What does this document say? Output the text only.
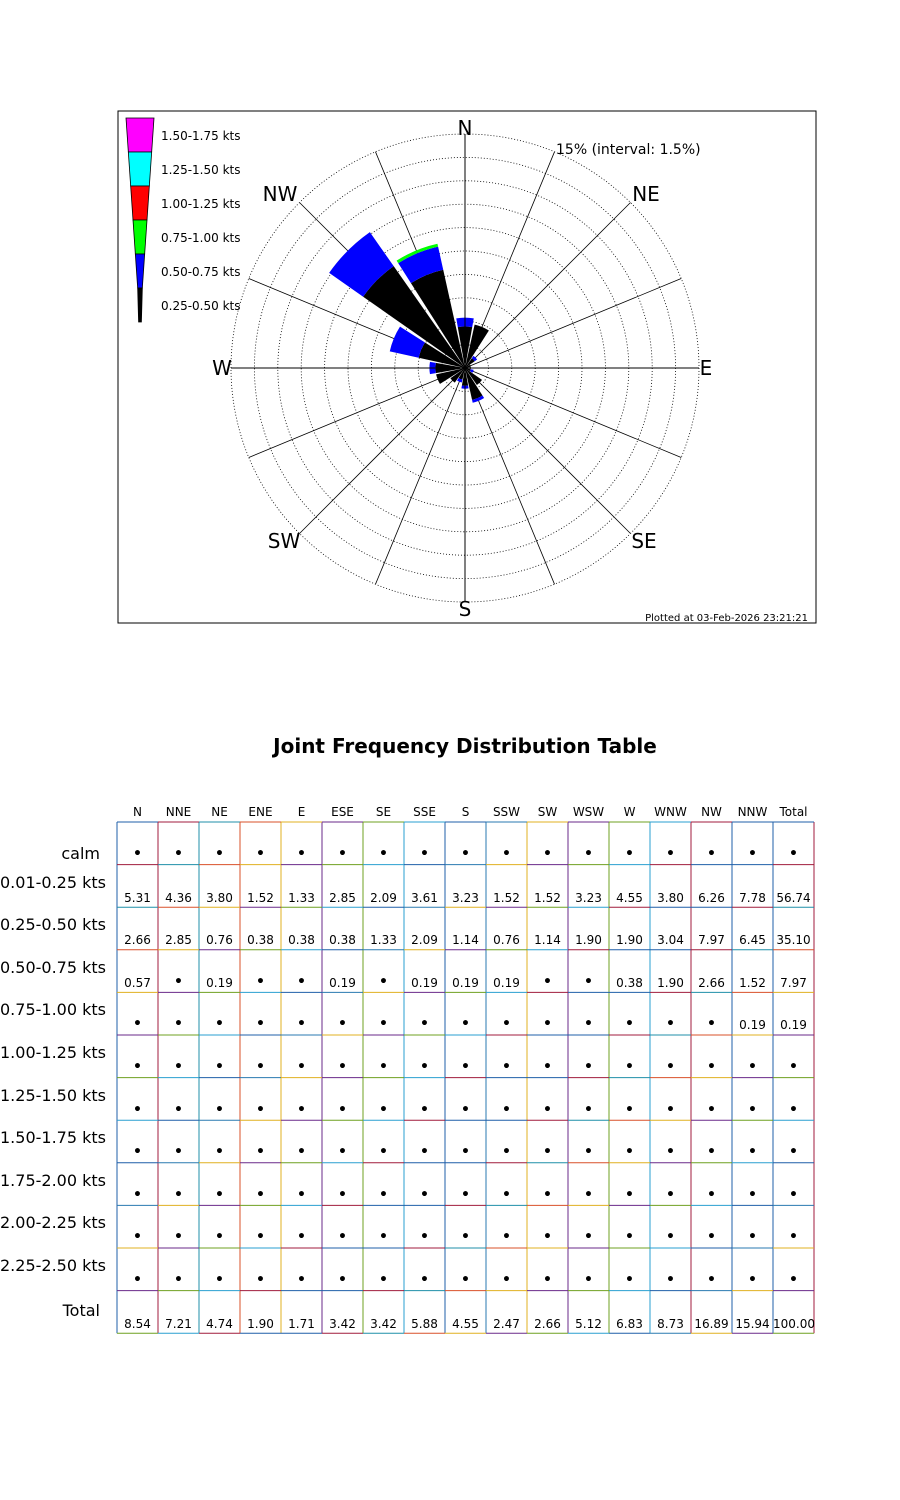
N
NE
E
SE
S
SW
W
NW
15% (interval: 1.5%)
Plotted at 03-Feb-2026 23:21:21
1.50-1.75 kts
1.25-1.50 kts
1.00-1.25 kts
0.75-1.00 kts
0.50-0.75 kts
0.25-0.50 kts
Joint Frequency Distribution Table
N	NNE	NE	ENE	E	ESE	SE	SSE	S	SSW	SW	WSW	W	WNW	NW	NNW	Total
calm	•	•	•	•	•	•	•	•	•	•	•	•	•	•	•	•	•
0.01-0.25 kts
5.31	4.36	3.80	1.52	1.33	2.85	2.09	3.61	3.23	1.52	1.52	3.23	4.55	3.80	6.26	7.78 56.74
0.25-0.50 kts
2.66	2.85	0.76	0.38	0.38	0.38	1.33	2.09	1.14	0.76	1.14	1.90	1.90	3.04	7.97	6.45 35.10
0.50-0.75 kts
0.57	•	0.19	•	•	0.19	•	0.19	0.19	0.19	•	•	0.38	1.90	2.66	1.52	7.97
0.75-1.00 kts
•	•	•	•	•	•	•	•	•	•	•	•	•	•	•	0.19	0.19
1.00-1.25 kts
•	•	•	•	•	•	•	•	•	•	•	•	•	•	•	•	•
1.25-1.50 kts
•	•	•	•	•	•	•	•	•	•	•	•	•	•	•	•	•
1.50-1.75 kts
•	•	•	•	•	•	•	•	•	•	•	•	•	•	•	•	•
1.75-2.00 kts
•	•	•	•	•	•	•	•	•	•	•	•	•	•	•	•	•
2.00-2.25 kts
•	•	•	•	•	•	•	•	•	•	•	•	•	•	•	•	•
2.25-2.50 kts
•	•	•	•	•	•	•	•	•	•	•	•	•	•	•	•	•
Total
8.54	7.21	4.74	1.90	1.71	3.42	3.42	5.88	4.55	2.47	2.66	5.12	6.83	8.73 16.89 15.94 100.00
